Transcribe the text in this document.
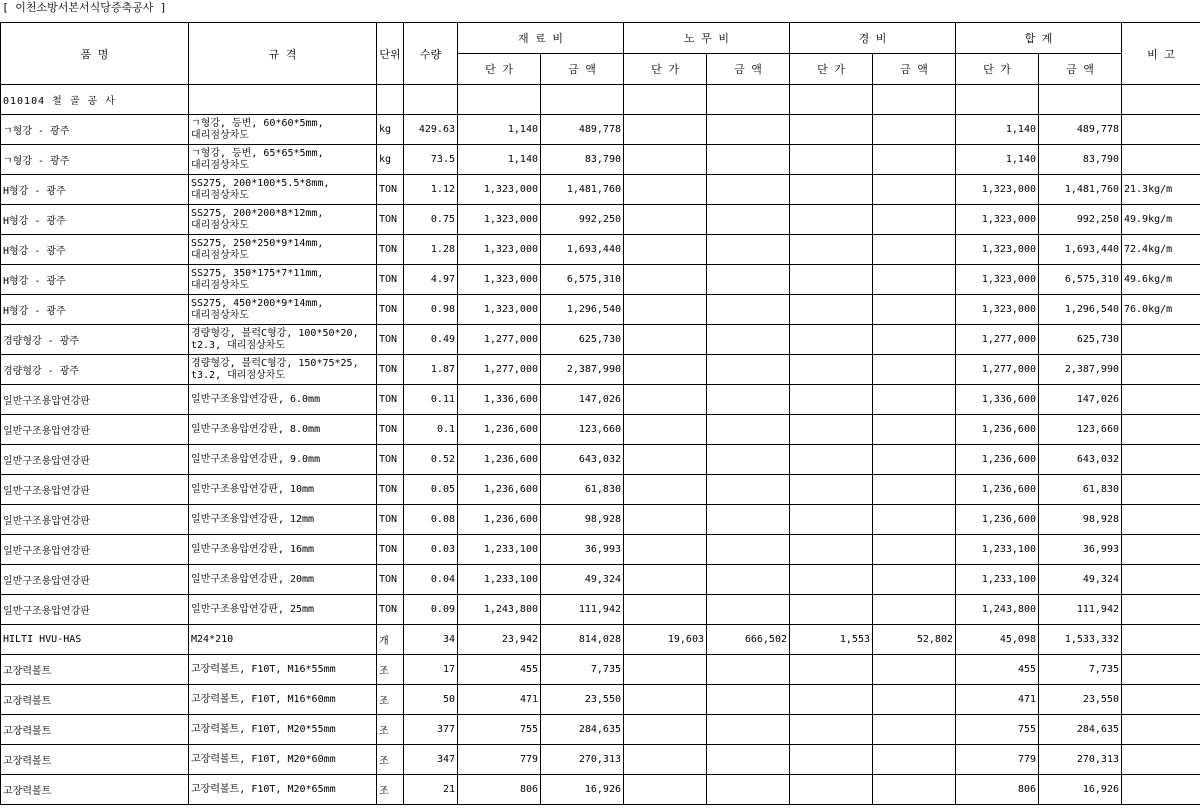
[ 이천소방서본서식당증축공사 ]
품 명	규 격	단위	수량	재 료 비		노 무 비		경 비		합 계		비 고
				단 가	금 액	단 가	금 액	단 가	금 액	단 가	금 액	
010104 철 골 공 사												
ㄱ형강 - 광주	ㄱ형강, 등변, 60*60*5mm, 대리점상차도	kg	429.63	1,140	489,778					1,140	489,778	
ㄱ형강 - 광주	ㄱ형강, 등변, 65*65*5mm, 대리점상차도	kg	73.5	1,140	83,790					1,140	83,790	
H형강 - 광주	SS275, 200*100*5.5*8mm, 대리점상차도	TON	1.12	1,323,000	1,481,760					1,323,000	1,481,760	21.3kg/m
H형강 - 광주	SS275, 200*200*8*12mm, 대리점상차도	TON	0.75	1,323,000	992,250					1,323,000	992,250	49.9kg/m
H형강 - 광주	SS275, 250*250*9*14mm, 대리점상차도	TON	1.28	1,323,000	1,693,440					1,323,000	1,693,440	72.4kg/m
H형강 - 광주	SS275, 350*175*7*11mm, 대리점상차도	TON	4.97	1,323,000	6,575,310					1,323,000	6,575,310	49.6kg/m
H형강 - 광주	SS275, 450*200*9*14mm, 대리점상차도	TON	0.98	1,323,000	1,296,540					1,323,000	1,296,540	76.0kg/m
경량형강 - 광주	경량형강, 블럭C형강, 100*50*20, t2.3, 대리점상차도	TON	0.49	1,277,000	625,730					1,277,000	625,730	
경량형강 - 광주	경량형강, 블럭C형강, 150*75*25, t3.2, 대리점상차도	TON	1.87	1,277,000	2,387,990					1,277,000	2,387,990	
일반구조용압연강판	일반구조용압연강판, 6.0mm	TON	0.11	1,336,600	147,026					1,336,600	147,026	
일반구조용압연강판	일반구조용압연강판, 8.0mm	TON	0.1	1,236,600	123,660					1,236,600	123,660	
일반구조용압연강판	일반구조용압연강판, 9.0mm	TON	0.52	1,236,600	643,032					1,236,600	643,032	
일반구조용압연강판	일반구조용압연강판, 10mm	TON	0.05	1,236,600	61,830					1,236,600	61,830	
일반구조용압연강판	일반구조용압연강판, 12mm	TON	0.08	1,236,600	98,928					1,236,600	98,928	
일반구조용압연강판	일반구조용압연강판, 16mm	TON	0.03	1,233,100	36,993					1,233,100	36,993	
일반구조용압연강판	일반구조용압연강판, 20mm	TON	0.04	1,233,100	49,324					1,233,100	49,324	
일반구조용압연강판	일반구조용압연강판, 25mm	TON	0.09	1,243,800	111,942					1,243,800	111,942	
HILTI HVU-HAS	M24*210	개	34	23,942	814,028	19,603	666,502	1,553	52,802	45,098	1,533,332	
고장력볼트	고장력볼트, F10T, M16*55mm	조	17	455	7,735					455	7,735	
고장력볼트	고장력볼트, F10T, M16*60mm	조	50	471	23,550					471	23,550	
고장력볼트	고장력볼트, F10T, M20*55mm	조	377	755	284,635					755	284,635	
고장력볼트	고장력볼트, F10T, M20*60mm	조	347	779	270,313					779	270,313	
고장력볼트	고장력볼트, F10T, M20*65mm	조	21	806	16,926					806	16,926	
